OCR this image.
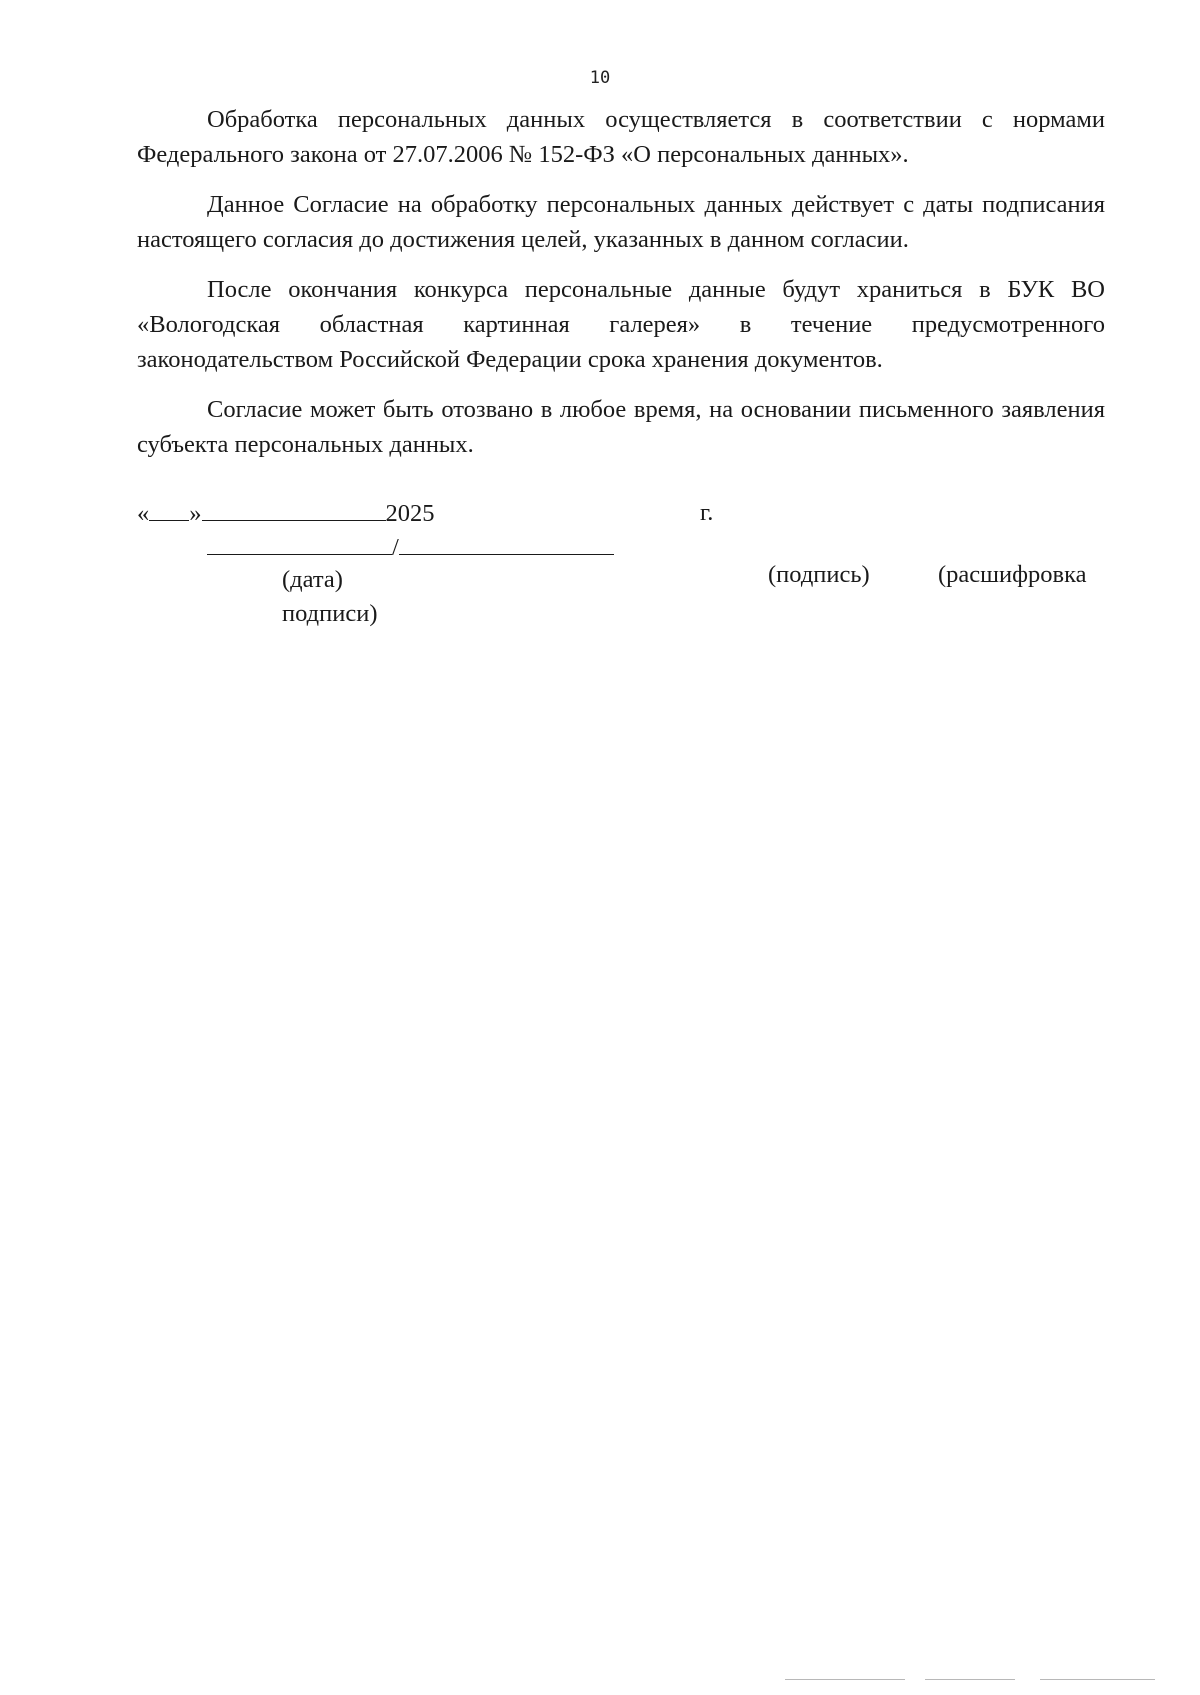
10

Обработка персональных данных осуществляется в соответствии с нормами Федерального закона от 27.07.2006 № 152-ФЗ «О персональных данных».

Данное Согласие на обработку персональных данных действует с даты подписания настоящего согласия до достижения целей, указанных в данном согласии.

После окончания конкурса персональные данные будут храниться в БУК ВО «Вологодская областная картинная галерея» в течение предусмотренного законодательством Российской Федерации срока хранения документов.

Согласие может быть отозвано в любое время, на основании письменного заявления субъекта персональных данных.

« »	2025	г.
/
(дата)	(подпись)	(расшифровка
подписи)
